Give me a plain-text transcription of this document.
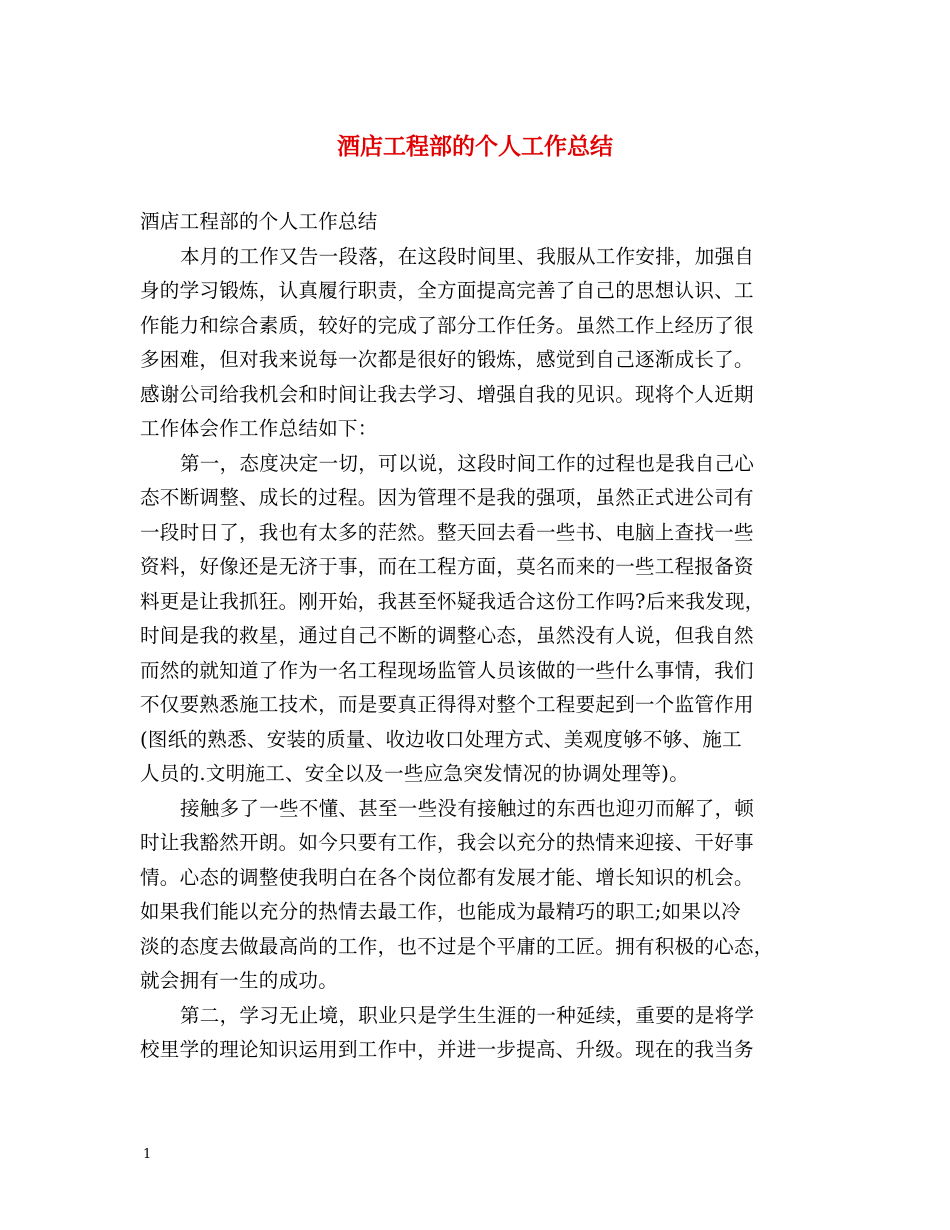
酒店工程部的个人工作总结
酒店工程部的个人工作总结
本月的工作又告一段落，在这段时间里、我服从工作安排，加强自
身的学习锻炼，认真履行职责，全方面提高完善了自己的思想认识、工
作能力和综合素质，较好的完成了部分工作任务。虽然工作上经历了很
多困难，但对我来说每一次都是很好的锻炼，感觉到自己逐渐成长了。
感谢公司给我机会和时间让我去学习、增强自我的见识。现将个人近期
工作体会作工作总结如下：
第一，态度决定一切，可以说，这段时间工作的过程也是我自己心
态不断调整、成长的过程。因为管理不是我的强项，虽然正式进公司有
一段时日了，我也有太多的茫然。整天回去看一些书、电脑上查找一些
资料，好像还是无济于事，而在工程方面，莫名而来的一些工程报备资
料更是让我抓狂。刚开始，我甚至怀疑我适合这份工作吗?后来我发现，
时间是我的救星，通过自己不断的调整心态，虽然没有人说，但我自然
而然的就知道了作为一名工程现场监管人员该做的一些什么事情，我们
不仅要熟悉施工技术，而是要真正得得对整个工程要起到一个监管作用
(图纸的熟悉、安装的质量、收边收口处理方式、美观度够不够、施工
人员的.文明施工、安全以及一些应急突发情况的协调处理等)。
接触多了一些不懂、甚至一些没有接触过的东西也迎刃而解了，顿
时让我豁然开朗。如今只要有工作，我会以充分的热情来迎接、干好事
情。心态的调整使我明白在各个岗位都有发展才能、增长知识的机会。
如果我们能以充分的热情去最工作，也能成为最精巧的职工;如果以冷
淡的态度去做最高尚的工作，也不过是个平庸的工匠。拥有积极的心态，
就会拥有一生的成功。
第二，学习无止境，职业只是学生生涯的一种延续，重要的是将学
校里学的理论知识运用到工作中，并进一步提高、升级。现在的我当务
1
